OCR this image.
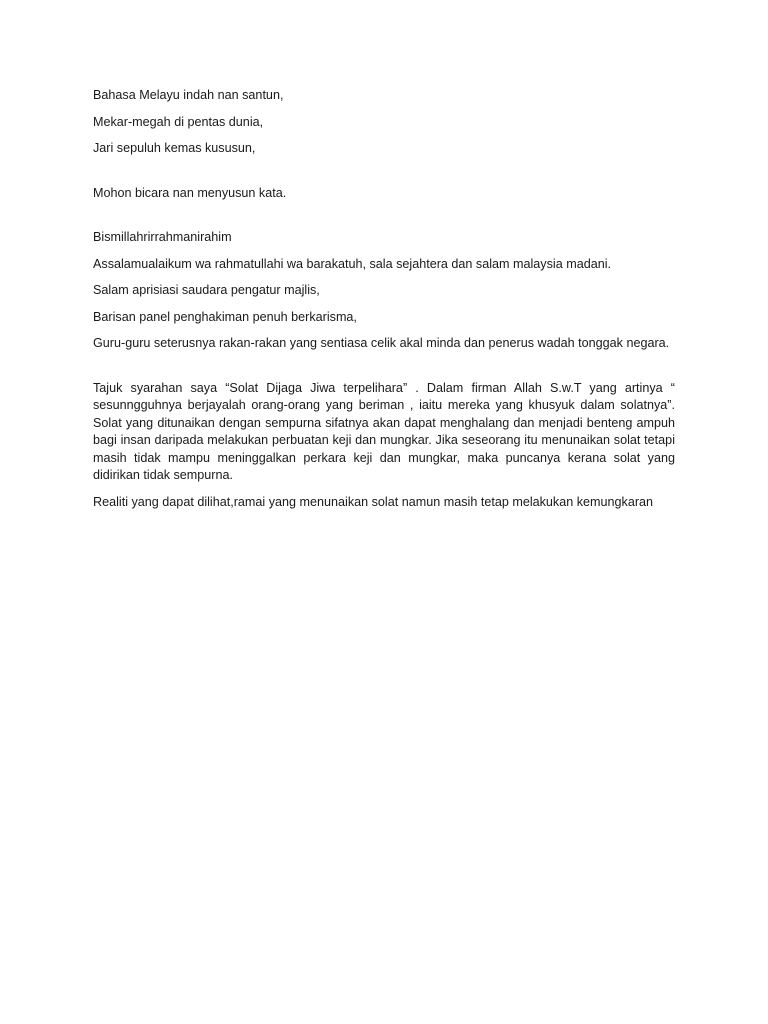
Bahasa Melayu indah nan santun,

Mekar-megah di pentas dunia,

Jari sepuluh kemas kususun,

Mohon bicara nan menyusun kata.

Bismillahrirrahmanirahim

Assalamualaikum wa rahmatullahi wa barakatuh, sala sejahtera dan salam malaysia madani.

Salam aprisiasi saudara pengatur majlis,

Barisan panel penghakiman penuh berkarisma,

Guru-guru seterusnya rakan-rakan yang sentiasa celik akal minda dan penerus wadah tonggak negara.

Tajuk syarahan saya “Solat Dijaga Jiwa terpelihara” . Dalam firman Allah S.w.T yang artinya “ sesunngguhnya berjayalah orang-orang yang beriman , iaitu mereka yang khusyuk dalam solatnya”. Solat yang ditunaikan dengan sempurna sifatnya akan dapat menghalang dan menjadi benteng ampuh bagi insan daripada melakukan perbuatan keji dan mungkar. Jika seseorang itu menunaikan solat tetapi masih tidak mampu meninggalkan perkara keji dan mungkar, maka puncanya kerana solat yang didirikan tidak sempurna.

Realiti yang dapat dilihat,ramai yang menunaikan solat namun masih tetap melakukan kemungkaran
